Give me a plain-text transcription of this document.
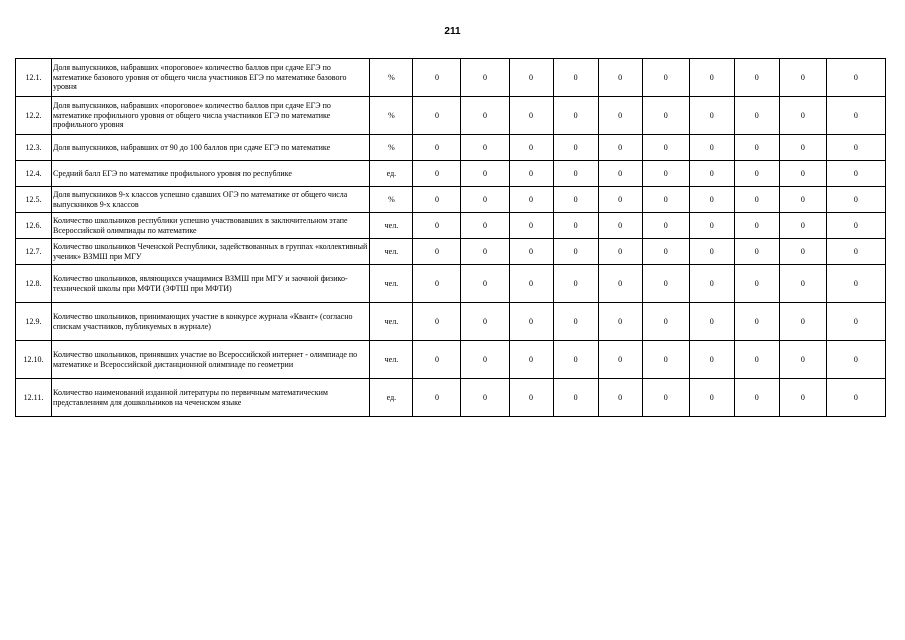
211
12.1.	Доля выпускников, набравших «пороговое» количество баллов при сдаче ЕГЭ по математике базового уровня от общего числа участников ЕГЭ по математике базового уровня	%	0	0	0	0	0	0	0	0	0	0
12.2.	Доля выпускников, набравших «пороговое» количество баллов при сдаче ЕГЭ по математике профильного уровня от общего числа участников ЕГЭ по математике профильного уровня	%	0	0	0	0	0	0	0	0	0	0
12.3.	Доля выпускников, набравших от 90 до 100 баллов при сдаче ЕГЭ по математике	%	0	0	0	0	0	0	0	0	0	0
12.4.	Средний балл ЕГЭ по математике профильного уровня по республике	ед.	0	0	0	0	0	0	0	0	0	0
12.5.	Доля выпускников 9-х классов успешно сдавших ОГЭ по математике от общего числа выпускников 9-х классов	%	0	0	0	0	0	0	0	0	0	0
12.6.	Количество школьников республики успешно участвовавших в заключительном этапе Всероссийской олимпиады по математике	чел.	0	0	0	0	0	0	0	0	0	0
12.7.	Количество школьников Чеченской Республики, задействованных в группах «коллективный ученик» ВЗМШ при МГУ	чел.	0	0	0	0	0	0	0	0	0	0
12.8.	Количество школьников, являющихся учащимися ВЗМШ при МГУ и заочной физико-технической школы при МФТИ (ЗФТШ при МФТИ)	чел.	0	0	0	0	0	0	0	0	0	0
12.9.	Количество школьников, принимающих участие в конкурсе журнала «Квант» (согласно спискам участников, публикуемых в журнале)	чел.	0	0	0	0	0	0	0	0	0	0
12.10.	Количество школьников, принявших участие во Всероссийской интернет - олимпиаде по математике и Всероссийской дистанционной олимпиаде по геометрии	чел.	0	0	0	0	0	0	0	0	0	0
12.11.	Количество наименований изданной литературы по первичным математическим представлениям для дошкольников на чеченском языке	ед.	0	0	0	0	0	0	0	0	0	0
